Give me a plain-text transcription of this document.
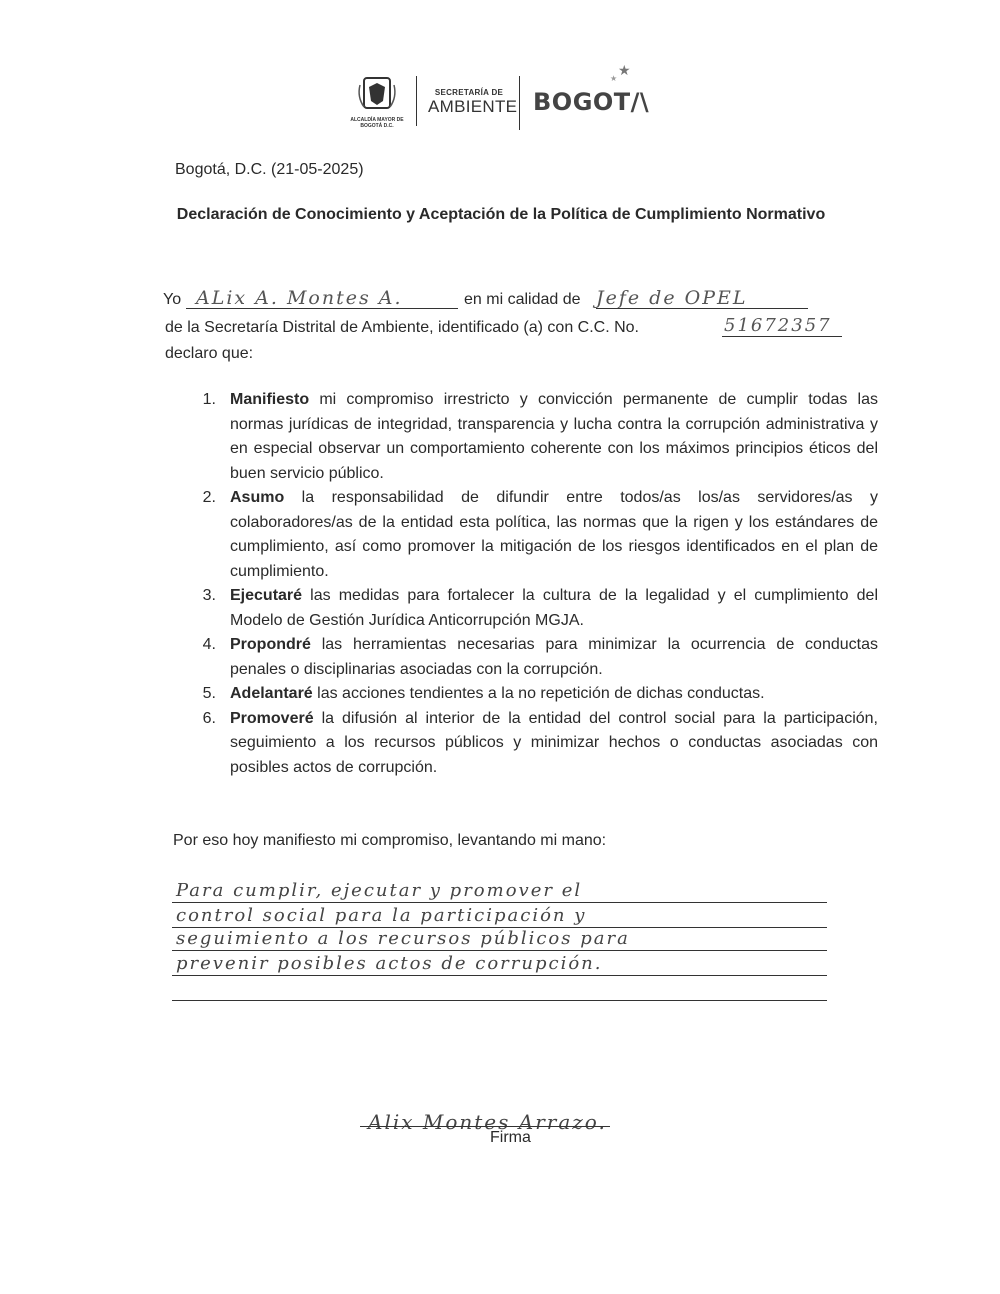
ALCALDÍA MAYOR DE BOGOTÁ D.C.
SECRETARÍA DE
AMBIENTE BOGOT/\
★
★
Bogotá, D.C. (21-05-2025)
Declaración de Conocimiento y Aceptación de la Política de Cumplimiento Normativo
Yo ALix A. Montes A.	en mi calidad de Jefe de OPEL
de la Secretaría Distrital de Ambiente, identificado (a) con C.C. No.	51672357
declaro que:
1. Manifiesto mi compromiso irrestricto y convicción permanente de cumplir todas las normas jurídicas de integridad, transparencia y lucha contra la corrupción administrativa y en especial observar un comportamiento coherente con los máximos principios éticos del buen servicio público.
2. Asumo la responsabilidad de difundir entre todos/as los/as servidores/as y colaboradores/as de la entidad esta política, las normas que la rigen y los estándares de cumplimiento, así como promover la mitigación de los riesgos identificados en el plan de cumplimiento.
3. Ejecutaré las medidas para fortalecer la cultura de la legalidad y el cumplimiento del Modelo de Gestión Jurídica Anticorrupción MGJA.
4. Propondré las herramientas necesarias para minimizar la ocurrencia de conductas penales o disciplinarias asociadas con la corrupción.
5. Adelantaré las acciones tendientes a la no repetición de dichas conductas.
6. Promoveré la difusión al interior de la entidad del control social para la participación, seguimiento a los recursos públicos y minimizar hechos o conductas asociadas con posibles actos de corrupción.
Por eso hoy manifiesto mi compromiso, levantando mi mano:
Para cumplir, ejecutar y promover el
control social para la participación y
seguimiento a los recursos públicos para
prevenir posibles actos de corrupción.
Alix Montes Arrazo.
Firma
